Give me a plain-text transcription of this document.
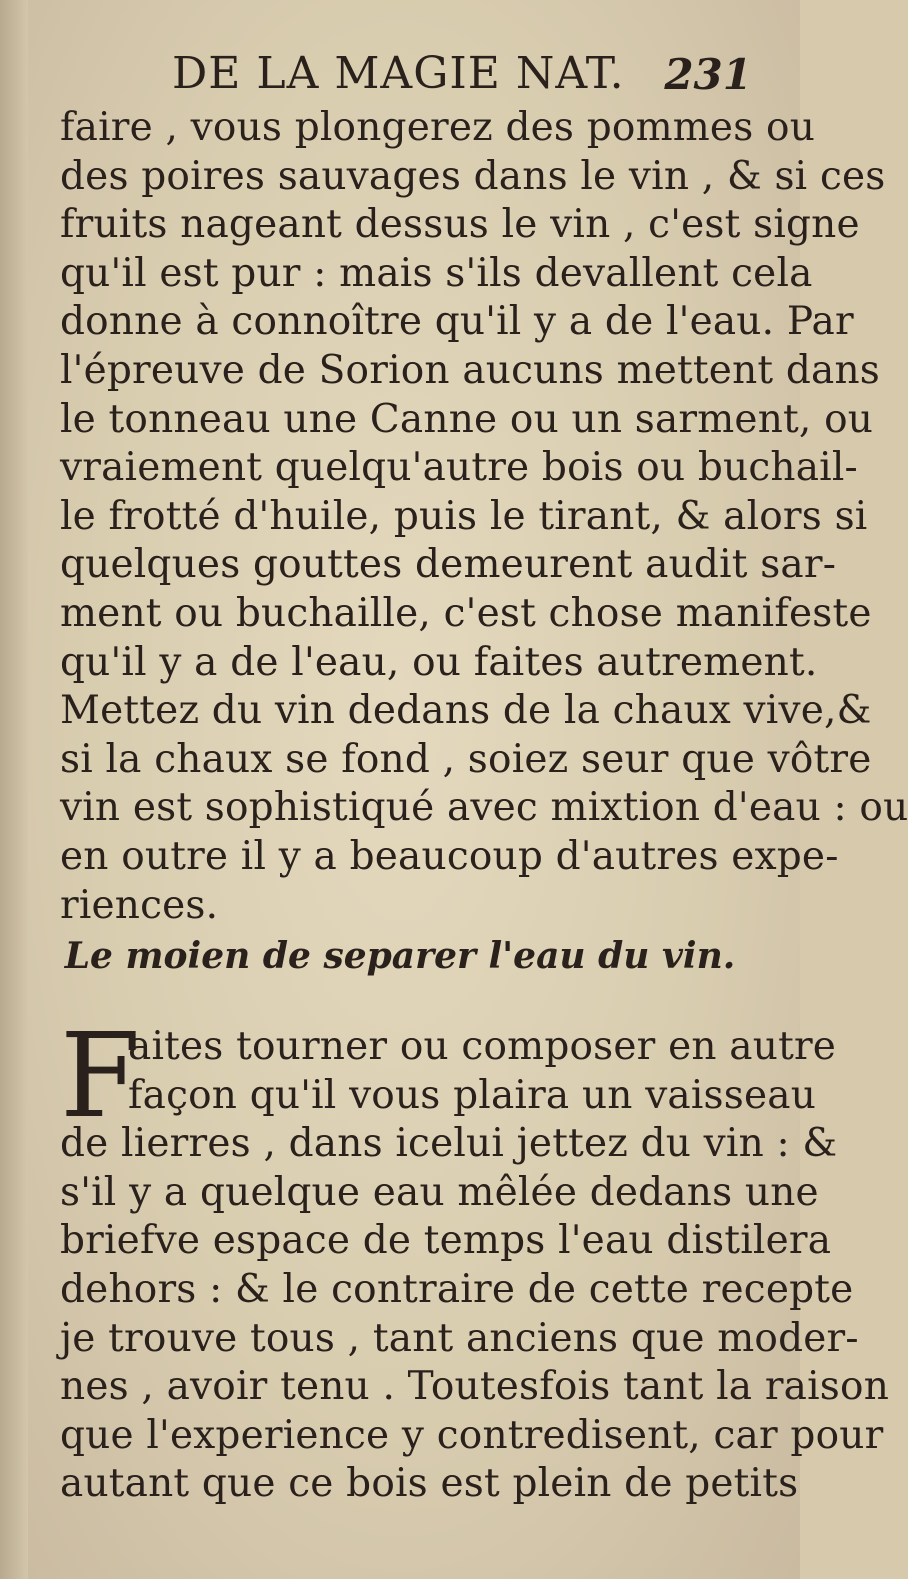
DE LA MAGIE NAT. 231
faire , vous plongerez des pommes ou
des poires sauvages dans le vin , & si ces
fruits nageant dessus le vin , c'est signe
qu'il est pur : mais s'ils devallent cela
donne à connoître qu'il y a de l'eau. Par
l'épreuve de Sorion aucuns mettent dans
le tonneau une Canne ou un sarment, ou
vraiement quelqu'autre bois ou buchail-
le frotté d'huile, puis le tirant, & alors si
quelques gouttes demeurent audit sar-
ment ou buchaille, c'est chose manifeste
qu'il y a de l'eau, ou faites autrement.
Mettez du vin dedans de la chaux vive,&
si la chaux se fond , soiez seur que vôtre
vin est sophistiqué avec mixtion d'eau : ou
en outre il y a beaucoup d'autres expe-
riences.
Le moien de separer l'eau du vin.
F
aites tourner ou composer en autre
façon qu'il vous plaira un vaisseau
de lierres , dans icelui jettez du vin : &
s'il y a quelque eau mêlée dedans une
briefve espace de temps l'eau distilera
dehors : & le contraire de cette recepte
je trouve tous , tant anciens que moder-
nes , avoir tenu . Toutesfois tant la raison
que l'experience y contredisent, car pour
autant que ce bois est plein de petits
